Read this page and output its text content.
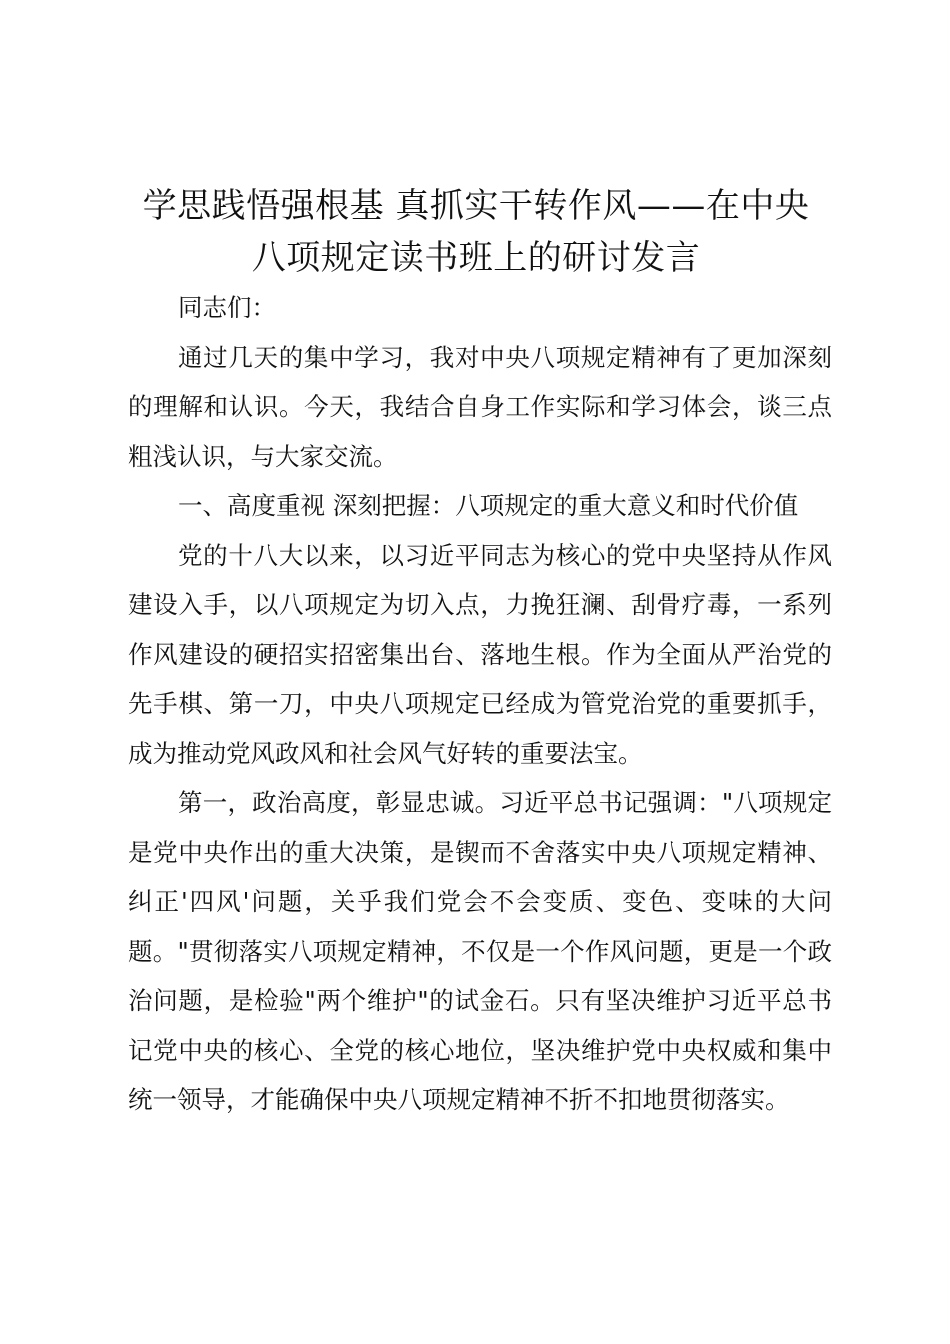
学思践悟强根基 真抓实干转作风——在中央
八项规定读书班上的研讨发言

同志们：

通过几天的集中学习，我对中央八项规定精神有了更加深刻的理解和认识。今天，我结合自身工作实际和学习体会，谈三点粗浅认识，与大家交流。

一、高度重视 深刻把握：八项规定的重大意义和时代价值

党的十八大以来，以习近平同志为核心的党中央坚持从作风建设入手，以八项规定为切入点，力挽狂澜、刮骨疗毒，一系列作风建设的硬招实招密集出台、落地生根。作为全面从严治党的先手棋、第一刀，中央八项规定已经成为管党治党的重要抓手，成为推动党风政风和社会风气好转的重要法宝。

第一，政治高度，彰显忠诚。习近平总书记强调："八项规定是党中央作出的重大决策，是锲而不舍落实中央八项规定精神、纠正'四风'问题，关乎我们党会不会变质、变色、变味的大问题。"贯彻落实八项规定精神，不仅是一个作风问题，更是一个政治问题，是检验"两个维护"的试金石。只有坚决维护习近平总书记党中央的核心、全党的核心地位，坚决维护党中央权威和集中统一领导，才能确保中央八项规定精神不折不扣地贯彻落实。
